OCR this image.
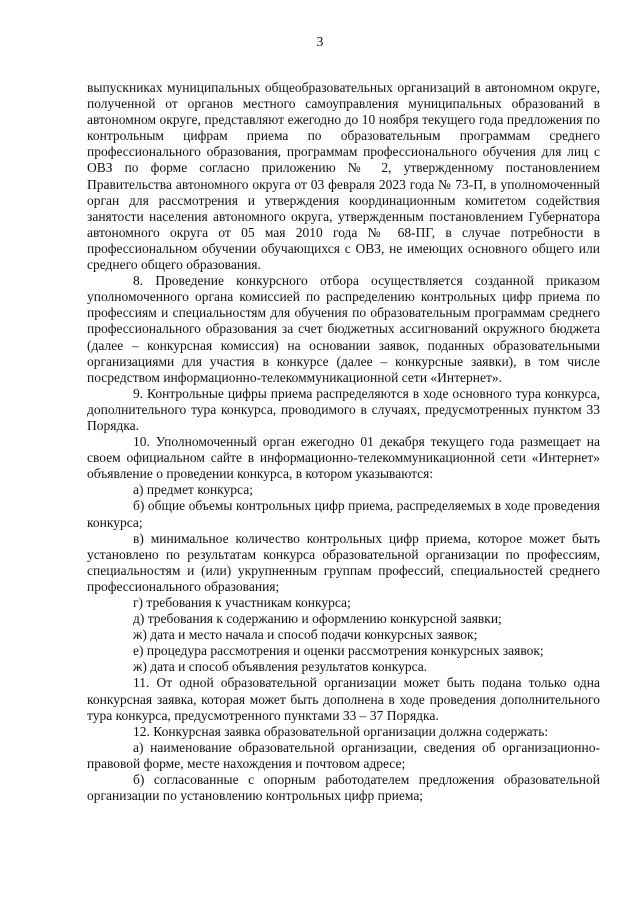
3

выпускниках муниципальных общеобразовательных организаций в автономном округе, полученной от органов местного самоуправления муниципальных образований в автономном округе, представляют ежегодно до 10 ноября текущего года предложения по контрольным цифрам приема по образовательным программам среднего профессионального образования, программам профессионального обучения для лиц с ОВЗ по форме согласно приложению № 2, утвержденному постановлением Правительства автономного округа от 03 февраля 2023 года № 73-П, в уполномоченный орган для рассмотрения и утверждения координационным комитетом содействия занятости населения автономного округа, утвержденным постановлением Губернатора автономного округа от 05 мая 2010 года № 68-ПГ, в случае потребности в профессиональном обучении обучающихся с ОВЗ, не имеющих основного общего или среднего общего образования.

8. Проведение конкурсного отбора осуществляется созданной приказом уполномоченного органа комиссией по распределению контрольных цифр приема по профессиям и специальностям для обучения по образовательным программам среднего профессионального образования за счет бюджетных ассигнований окружного бюджета (далее – конкурсная комиссия) на основании заявок, поданных образовательными организациями для участия в конкурсе (далее – конкурсные заявки), в том числе посредством информационно-телекоммуникационной сети «Интернет».

9. Контрольные цифры приема распределяются в ходе основного тура конкурса, дополнительного тура конкурса, проводимого в случаях, предусмотренных пунктом 33 Порядка.

10. Уполномоченный орган ежегодно 01 декабря текущего года размещает на своем официальном сайте в информационно-телекоммуникационной сети «Интернет» объявление о проведении конкурса, в котором указываются:

а) предмет конкурса;

б) общие объемы контрольных цифр приема, распределяемых в ходе проведения конкурса;

в) минимальное количество контрольных цифр приема, которое может быть установлено по результатам конкурса образовательной организации по профессиям, специальностям и (или) укрупненным группам профессий, специальностей среднего профессионального образования;

г) требования к участникам конкурса;

д) требования к содержанию и оформлению конкурсной заявки;

ж) дата и место начала и способ подачи конкурсных заявок;

е) процедура рассмотрения и оценки рассмотрения конкурсных заявок;

ж) дата и способ объявления результатов конкурса.

11. От одной образовательной организации может быть подана только одна конкурсная заявка, которая может быть дополнена в ходе проведения дополнительного тура конкурса, предусмотренного пунктами 33 – 37 Порядка.

12. Конкурсная заявка образовательной организации должна содержать:

а) наименование образовательной организации, сведения об организационно-правовой форме, месте нахождения и почтовом адресе;

б) согласованные с опорным работодателем предложения образовательной организации по установлению контрольных цифр приема;
